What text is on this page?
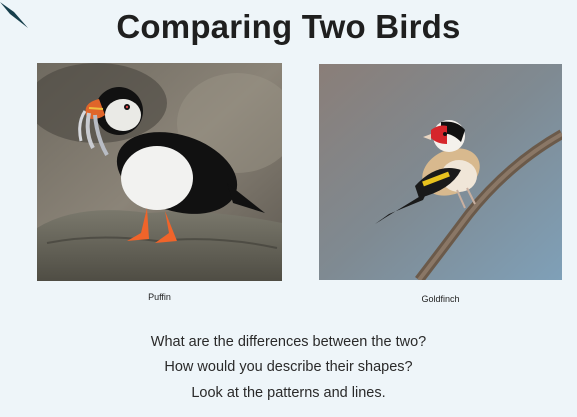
Comparing Two Birds
Puffin	Goldfinch
What are the differences between the two?
How would you describe their shapes?
Look at the patterns and lines.
